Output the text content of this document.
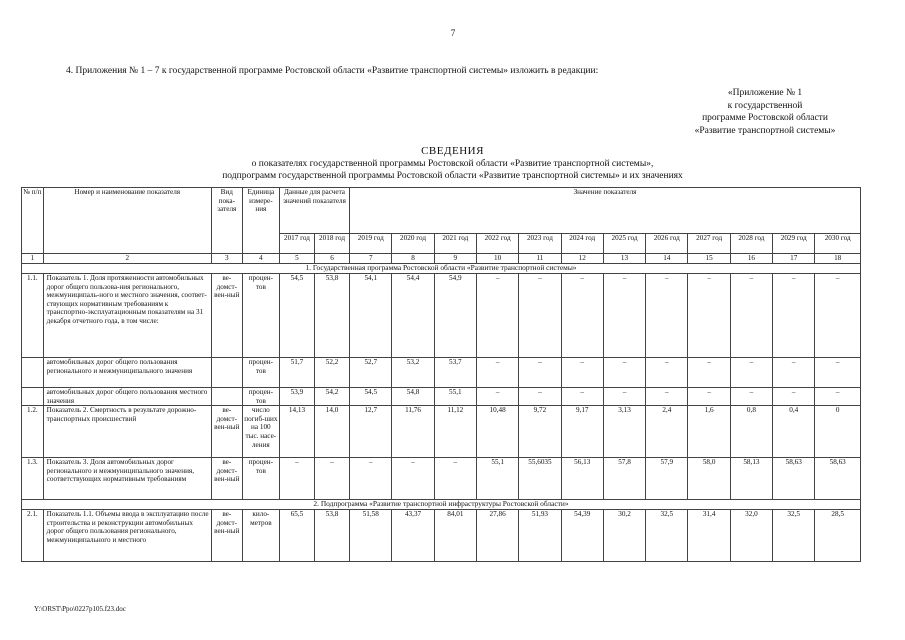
7
4. Приложения № 1 – 7 к государственной программе Ростовской области «Развитие транспортной системы» изложить в редакции:
«Приложение № 1
к государственной
программе Ростовской области
«Развитие транспортной системы»
СВЕДЕНИЯ
о показателях государственной программы Ростовской области «Развитие транспортной системы»,
подпрограмм государственной программы Ростовской области «Развитие транспортной системы» и их значениях
№ п/п	Номер и наименование показателя	Вид пока-зателя	Единица измере-ния	Данные для расчета значений показателя		Значение показателя											
				2017 год	2018 год	2019 год	2020 год	2021 год	2022 год	2023 год	2024 год	2025 год	2026 год	2027 год	2028 год	2029 год	2030 год
1	2	3	4	5	6	7	8	9	10	11	12	13	14	15	16	17	18
1. Государственная программа Ростовской области «Развитие транспортной системы»																	
1.1.	Показатель 1. Доля протяженности автомобильных дорог общего пользова-ния регионального, межмуниципаль-ного и местного значения, соответ-ствующих нормативным требованиям к транспортно-эксплуатационным показателям на 31 декабря отчетного года, в том числе:	ве-домст-вен-ный	процен-тов	54,5	53,8	54,1	54,4	54,9	–	–	–	–	–	–	–	–	–
	автомобильных дорог общего пользования регионального и межмуниципального значения		процен-тов	51,7	52,2	52,7	53,2	53,7	–	–	–	–	–	–	–	–	–
	автомобильных дорог общего пользования местного значения		процен-тов	53,9	54,2	54,5	54,8	55,1	–	–	–	–	–	–	–	–	–
1.2.	Показатель 2. Смертность в результате дорожно-транспортных происшествий	ве-домст-вен-ный	число погиб-ших на 100 тыс. насе-ления	14,13	14,0	12,7	11,76	11,12	10,48	9,72	9,17	3,13	2,4	1,6	0,8	0,4	0
1.3.	Показатель 3. Доля автомобильных дорог регионального и межмуниципального значения, соответствующих нормативным требованиям	ве-домст-вен-ный	процен-тов	–	–	–	–	–	55,1	55,6035	56,13	57,8	57,9	58,0	58,13	58,63	58,63
2. Подпрограмма «Развитие транспортной инфраструктуры Ростовской области»																	
2.1.	Показатель 1.1. Объемы ввода в эксплуатацию после строительства и реконструкции автомобильных дорог общего пользования регионального, межмуниципального и местного	ве-домст-вен-ный	кило-метров	65,5	53,8	51,58	43,37	84,01	27,86	51,93	54,39	30,2	32,5	31,4	32,0	32,5	28,5
Y:\ORST\Ppo\0227p105.f23.doc
